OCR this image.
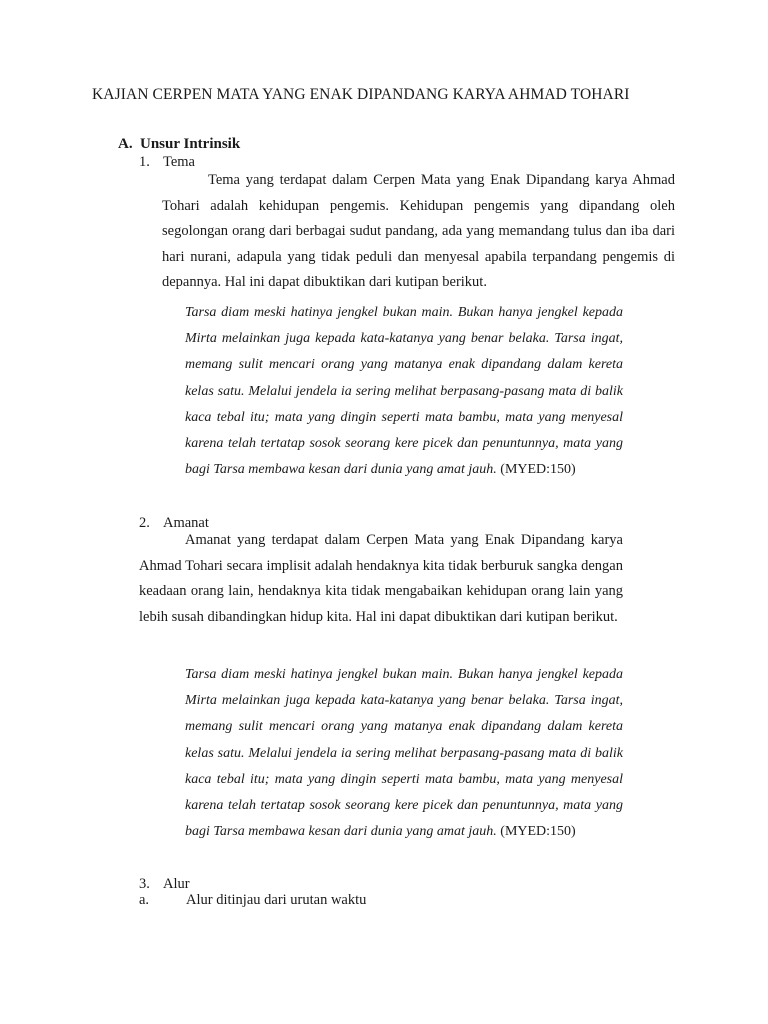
KAJIAN CERPEN MATA YANG ENAK DIPANDANG KARYA AHMAD TOHARI
A. Unsur Intrinsik
1. Tema

Tema yang terdapat dalam Cerpen Mata yang Enak Dipandang karya Ahmad Tohari adalah kehidupan pengemis. Kehidupan pengemis yang dipandang oleh segolongan orang dari berbagai sudut pandang, ada yang memandang tulus dan iba dari hari nurani, adapula yang tidak peduli dan menyesal apabila terpandang pengemis di depannya. Hal ini dapat dibuktikan dari kutipan berikut.

Tarsa diam meski hatinya jengkel bukan main. Bukan hanya jengkel kepada Mirta melainkan juga kepada kata-katanya yang benar belaka. Tarsa ingat, memang sulit mencari orang yang matanya enak dipandang dalam kereta kelas satu. Melalui jendela ia sering melihat berpasang-pasang mata di balik kaca tebal itu; mata yang dingin seperti mata bambu, mata yang menyesal karena telah tertatap sosok seorang kere picek dan penuntunnya, mata yang bagi Tarsa membawa kesan dari dunia yang amat jauh. (MYED:150)

2. Amanat

Amanat yang terdapat dalam Cerpen Mata yang Enak Dipandang karya Ahmad Tohari secara implisit adalah hendaknya kita tidak berburuk sangka dengan keadaan orang lain, hendaknya kita tidak mengabaikan kehidupan orang lain yang lebih susah dibandingkan hidup kita. Hal ini dapat dibuktikan dari kutipan berikut.

Tarsa diam meski hatinya jengkel bukan main. Bukan hanya jengkel kepada Mirta melainkan juga kepada kata-katanya yang benar belaka. Tarsa ingat, memang sulit mencari orang yang matanya enak dipandang dalam kereta kelas satu. Melalui jendela ia sering melihat berpasang-pasang mata di balik kaca tebal itu; mata yang dingin seperti mata bambu, mata yang menyesal karena telah tertatap sosok seorang kere picek dan penuntunnya, mata yang bagi Tarsa membawa kesan dari dunia yang amat jauh. (MYED:150)

3. Alur
a.	Alur ditinjau dari urutan waktu
